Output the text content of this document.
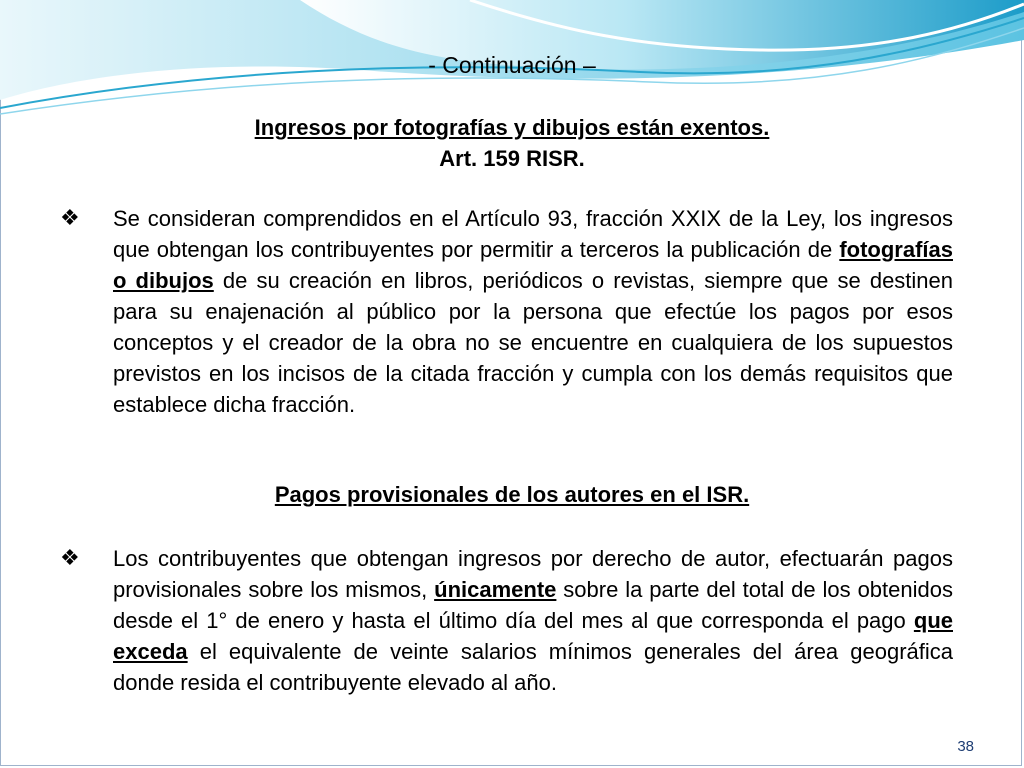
- Continuación –
Ingresos por fotografías y dibujos están exentos.
Art. 159 RISR.
❖	Se consideran comprendidos en el Artículo 93, fracción XXIX de la Ley, los ingresos que obtengan los contribuyentes por permitir a terceros la publicación de fotografías o dibujos de su creación en libros, periódicos o revistas, siempre que se destinen para su enajenación al público por la persona que efectúe los pagos por esos conceptos y el creador de la obra no se encuentre en cualquiera de los supuestos previstos en los incisos de la citada fracción y cumpla con los demás requisitos que establece dicha fracción.
Pagos provisionales de los autores en el ISR.
❖	Los contribuyentes que obtengan ingresos por derecho de autor, efectuarán pagos provisionales sobre los mismos, únicamente sobre la parte del total de los obtenidos desde el 1° de enero y hasta el último día del mes al que corresponda el pago que exceda el equivalente de veinte salarios mínimos generales del área geográfica donde resida el contribuyente elevado al año.
38
